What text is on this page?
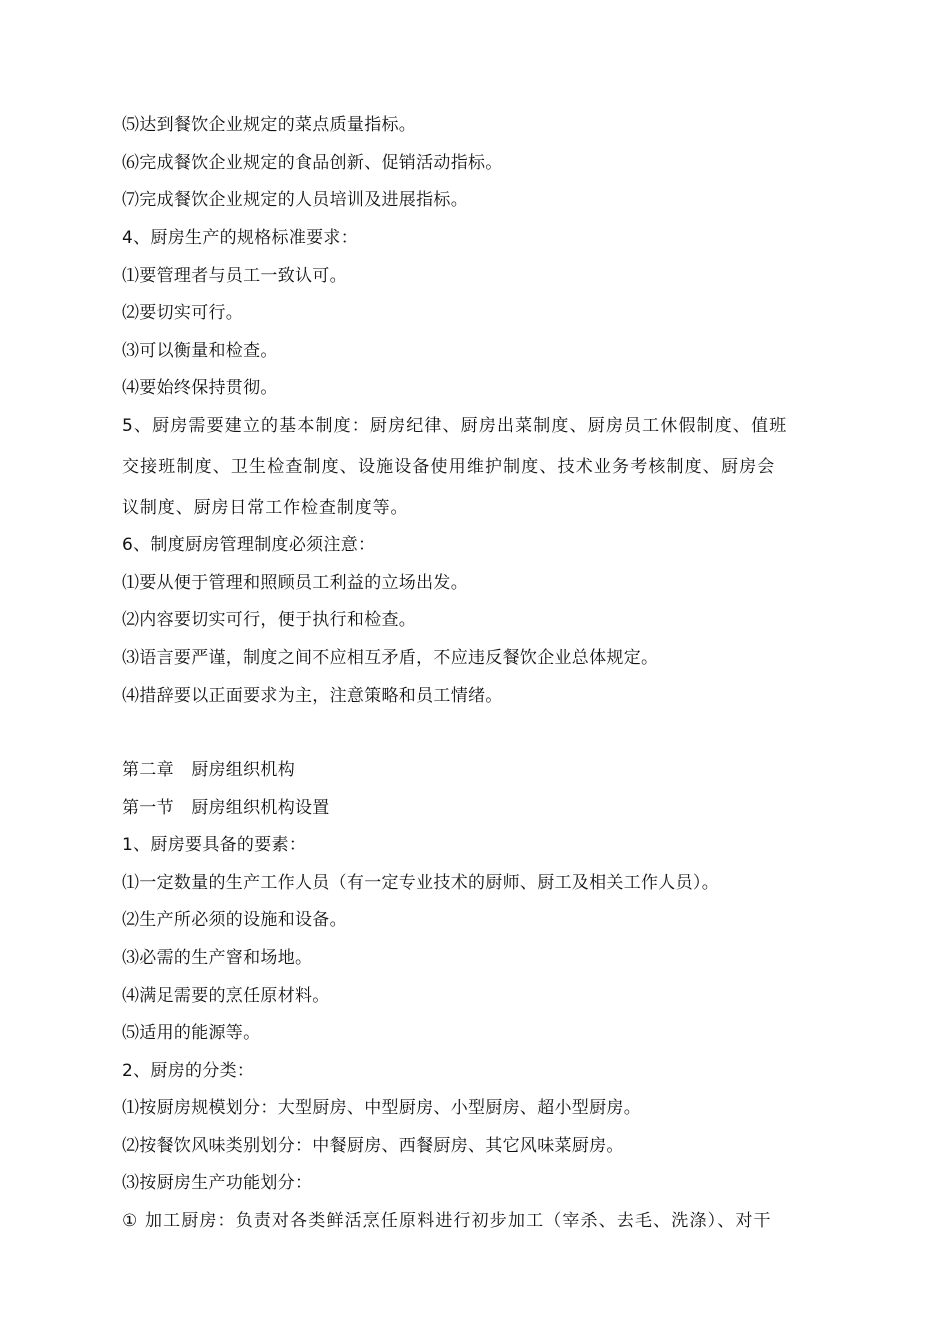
⑸达到餐饮企业规定的菜点质量指标。
⑹完成餐饮企业规定的食品创新、促销活动指标。
⑺完成餐饮企业规定的人员培训及进展指标。
4、厨房生产的规格标准要求：
⑴要管理者与员工一致认可。
⑵要切实可行。
⑶可以衡量和检查。
⑷要始终保持贯彻。
5、厨房需要建立的基本制度：厨房纪律、厨房出菜制度、厨房员工休假制度、值班
交接班制度、卫生检查制度、设施设备使用维护制度、技术业务考核制度、厨房会
议制度、厨房日常工作检查制度等。
6、制度厨房管理制度必须注意：
⑴要从便于管理和照顾员工利益的立场出发。
⑵内容要切实可行，便于执行和检查。
⑶语言要严谨，制度之间不应相互矛盾，不应违反餐饮企业总体规定。
⑷措辞要以正面要求为主，注意策略和员工情绪。
第二章　厨房组织机构
第一节　厨房组织机构设置
1、厨房要具备的要素：
⑴一定数量的生产工作人员（有一定专业技术的厨师、厨工及相关工作人员）。
⑵生产所必须的设施和设备。
⑶必需的生产窨和场地。
⑷满足需要的烹任原材料。
⑸适用的能源等。
2、厨房的分类：
⑴按厨房规模划分：大型厨房、中型厨房、小型厨房、超小型厨房。
⑵按餐饮风味类别划分：中餐厨房、西餐厨房、其它风味菜厨房。
⑶按厨房生产功能划分：
① 加工厨房：负责对各类鲜活烹任原料进行初步加工（宰杀、去毛、洗涤）、对干
